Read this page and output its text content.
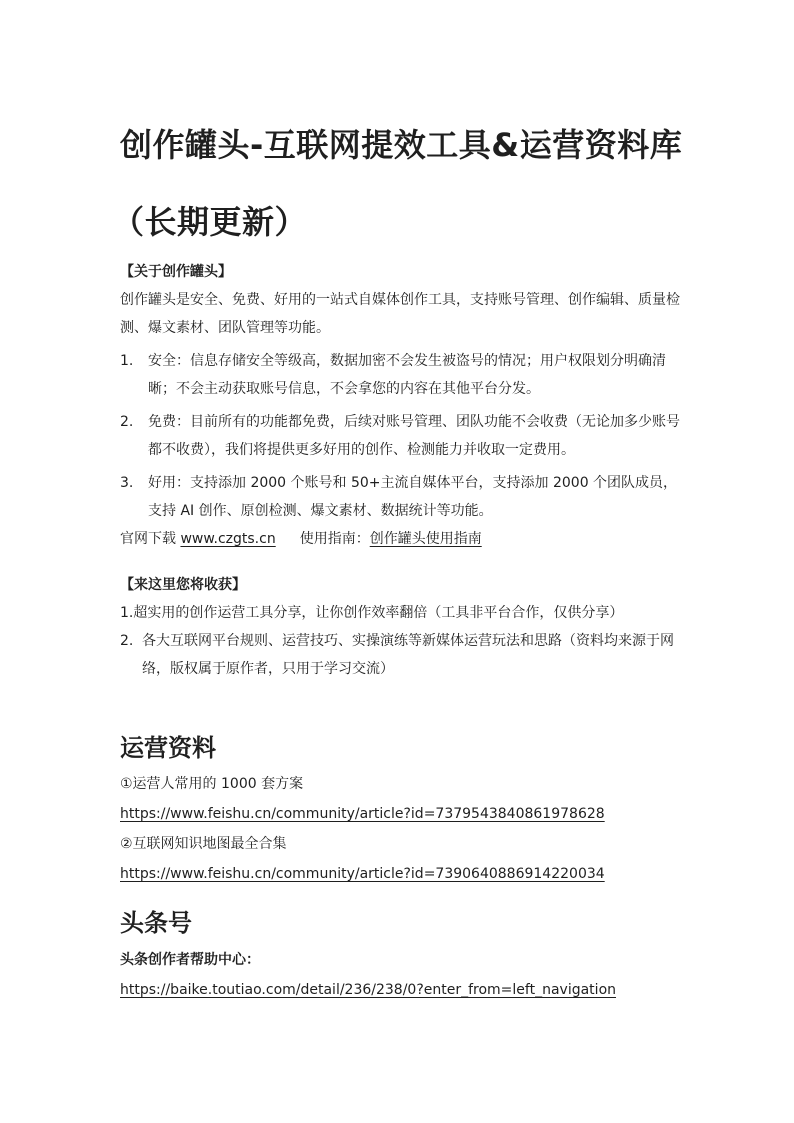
创作罐头-互联网提效工具&运营资料库
（长期更新）

【关于创作罐头】

创作罐头是安全、免费、好用的一站式自媒体创作工具，支持账号管理、创作编辑、质量检测、爆文素材、团队管理等功能。

1.	安全：信息存储安全等级高，数据加密不会发生被盗号的情况；用户权限划分明确清晰；不会主动获取账号信息，不会拿您的内容在其他平台分发。

2.	免费：目前所有的功能都免费，后续对账号管理、团队功能不会收费（无论加多少账号都不收费），我们将提供更多好用的创作、检测能力并收取一定费用。

3.	好用：支持添加 2000 个账号和 50+主流自媒体平台，支持添加 2000 个团队成员，支持 AI 创作、原创检测、爆文素材、数据统计等功能。

官网下载 www.czgts.cn 使用指南：创作罐头使用指南

【来这里您将收获】

1. 超实用的创作运营工具分享，让你创作效率翻倍（工具非平台合作，仅供分享）

2. 各大互联网平台规则、运营技巧、实操演练等新媒体运营玩法和思路（资料均来源于网络，版权属于原作者，只用于学习交流）

运营资料

①运营人常用的 1000 套方案

https://www.feishu.cn/community/article?id=7379543840861978628

②互联网知识地图最全合集

https://www.feishu.cn/community/article?id=7390640886914220034

头条号

头条创作者帮助中心：

https://baike.toutiao.com/detail/236/238/0?enter_from=left_navigation
